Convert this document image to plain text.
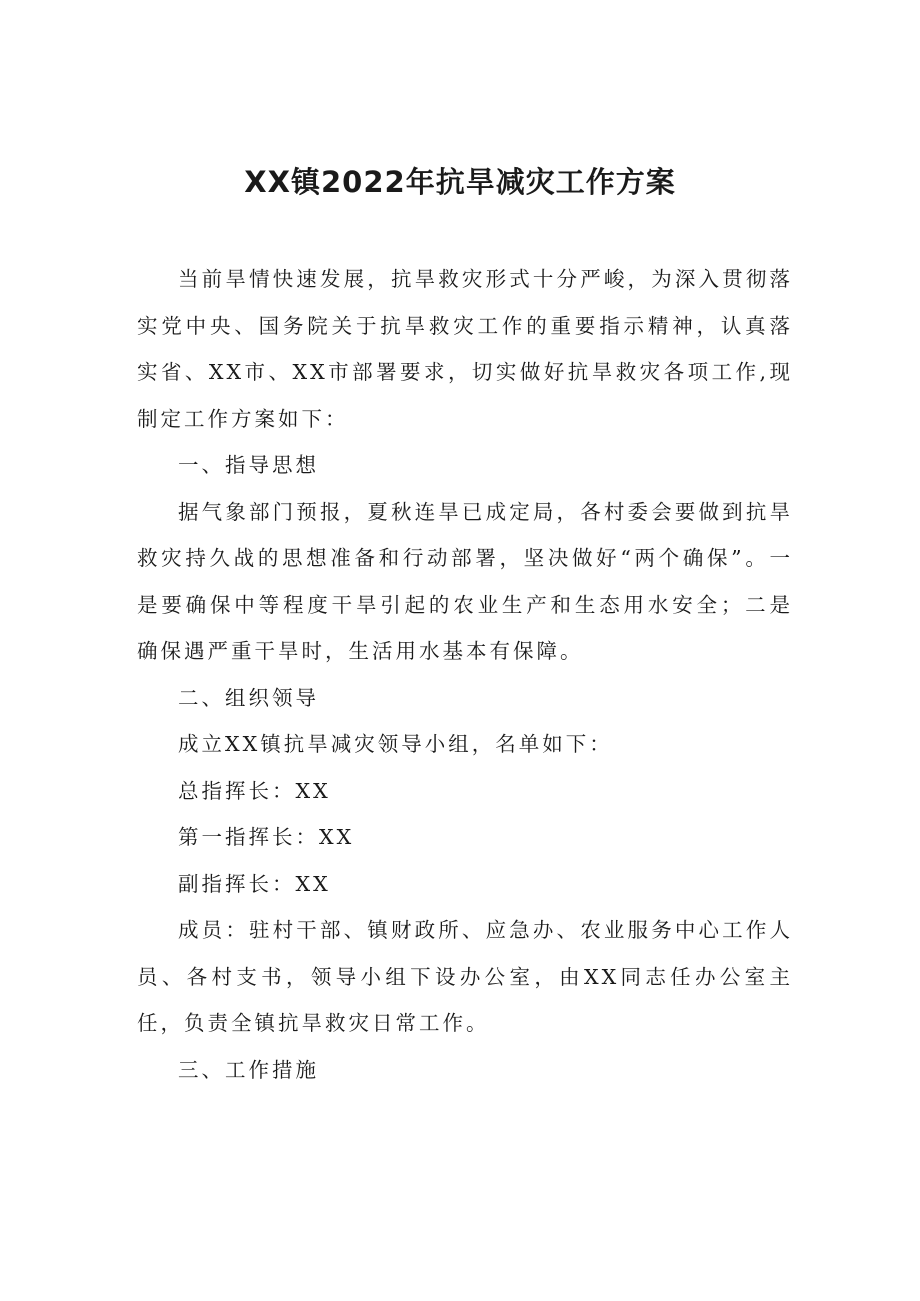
XX镇2022年抗旱减灾工作方案

当前旱情快速发展，抗旱救灾形式十分严峻，为深入贯彻落实党中央、国务院关于抗旱救灾工作的重要指示精神，认真落实省、XX市、XX市部署要求，切实做好抗旱救灾各项工作,现制定工作方案如下：

一、指导思想

据气象部门预报，夏秋连旱已成定局，各村委会要做到抗旱救灾持久战的思想准备和行动部署，坚决做好“两个确保”。一是要确保中等程度干旱引起的农业生产和生态用水安全；二是确保遇严重干旱时，生活用水基本有保障。

二、组织领导

成立XX镇抗旱减灾领导小组，名单如下：

总指挥长：XX

第一指挥长：XX

副指挥长：XX

成员：驻村干部、镇财政所、应急办、农业服务中心工作人员、各村支书，领导小组下设办公室，由XX同志任办公室主任，负责全镇抗旱救灾日常工作。

三、工作措施
